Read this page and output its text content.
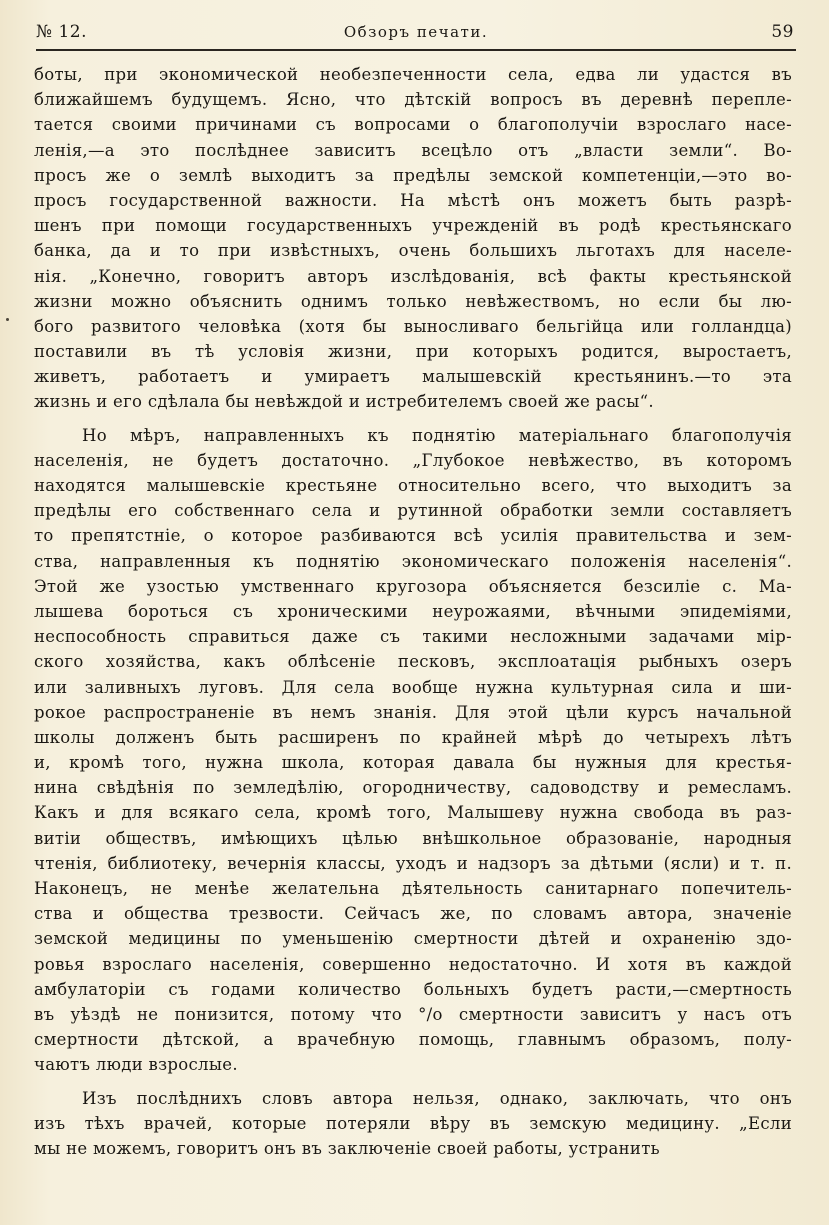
№ 12.	Обзоръ печати.	59
боты, при экономической необезпеченности села, едва ли удастся въ
ближайшемъ будущемъ. Ясно, что дѣтскій вопросъ въ деревнѣ перепле-
тается своими причинами съ вопросами о благополучіи взрослаго насе-
ленія,—а это послѣднее зависитъ всецѣло отъ „власти земли“. Во-
просъ же о землѣ выходитъ за предѣлы земской компетенціи,—это во-
просъ государственной важности. На мѣстѣ онъ можетъ быть разрѣ-
шенъ при помощи государственныхъ учрежденій въ родѣ крестьянскаго
банка, да и то при извѣстныхъ, очень большихъ льготахъ для населе-
нія. „Конечно, говоритъ авторъ изслѣдованія, всѣ факты крестьянской
жизни можно объяснить однимъ только невѣжествомъ, но если бы лю-
бого развитого человѣка (хотя бы выносливаго бельгійца или голландца)
поставили въ тѣ условія жизни, при которыхъ родится, выростаетъ,
живетъ, работаетъ и умираетъ малышевскій крестьянинъ.—то эта
жизнь и его сдѣлала бы невѣждой и истребителемъ своей же расы“.
Но мѣръ, направленныхъ къ поднятію матеріальнаго благополучія
населенія, не будетъ достаточно. „Глубокое невѣжество, въ которомъ
находятся малышевскіе крестьяне относительно всего, что выходитъ за
предѣлы его собственнаго села и рутинной обработки земли составляетъ
то препятстніе, о которое разбиваются всѣ усилія правительства и зем-
ства, направленныя къ поднятію экономическаго положенія населенія“.
Этой же узостью умственнаго кругозора объясняется безсиліе с. Ма-
лышева бороться съ хроническими неурожаями, вѣчными эпидеміями,
неспособность справиться даже съ такими несложными задачами мір-
ского хозяйства, какъ облѣсеніе песковъ, эксплоатація рыбныхъ озеръ
или заливныхъ луговъ. Для села вообще нужна культурная сила и ши-
рокое распространеніе въ немъ знанія. Для этой цѣли курсъ начальной
школы долженъ быть расширенъ по крайней мѣрѣ до четырехъ лѣтъ
и, кромѣ того, нужна школа, которая давала бы нужныя для крестья-
нина свѣдѣнія по земледѣлію, огородничеству, садоводству и ремесламъ.
Какъ и для всякаго села, кромѣ того, Малышеву нужна свобода въ раз-
витіи обществъ, имѣющихъ цѣлью внѣшкольное образованіе, народныя
чтенія, библиотеку, вечернія классы, уходъ и надзоръ за дѣтьми (ясли) и т. п.
Наконецъ, не менѣе желательна дѣятельность санитарнаго попечитель-
ства и общества трезвости. Сейчасъ же, по словамъ автора, значеніе
земской медицины по уменьшенію смертности дѣтей и охраненію здо-
ровья взрослаго населенія, совершенно недостаточно. И хотя въ каждой
амбулаторіи съ годами количество больныхъ будетъ расти,—смертность
въ уѣздѣ не понизится, потому что °/o смертности зависитъ у насъ отъ
смертности дѣтской, а врачебную помощь, главнымъ образомъ, полу-
чаютъ люди взрослые.
Изъ послѣднихъ словъ автора нельзя, однако, заключать, что онъ
изъ тѣхъ врачей, которые потеряли вѣру въ земскую медицину. „Если
мы не можемъ, говоритъ онъ въ заключеніе своей работы, устранить
